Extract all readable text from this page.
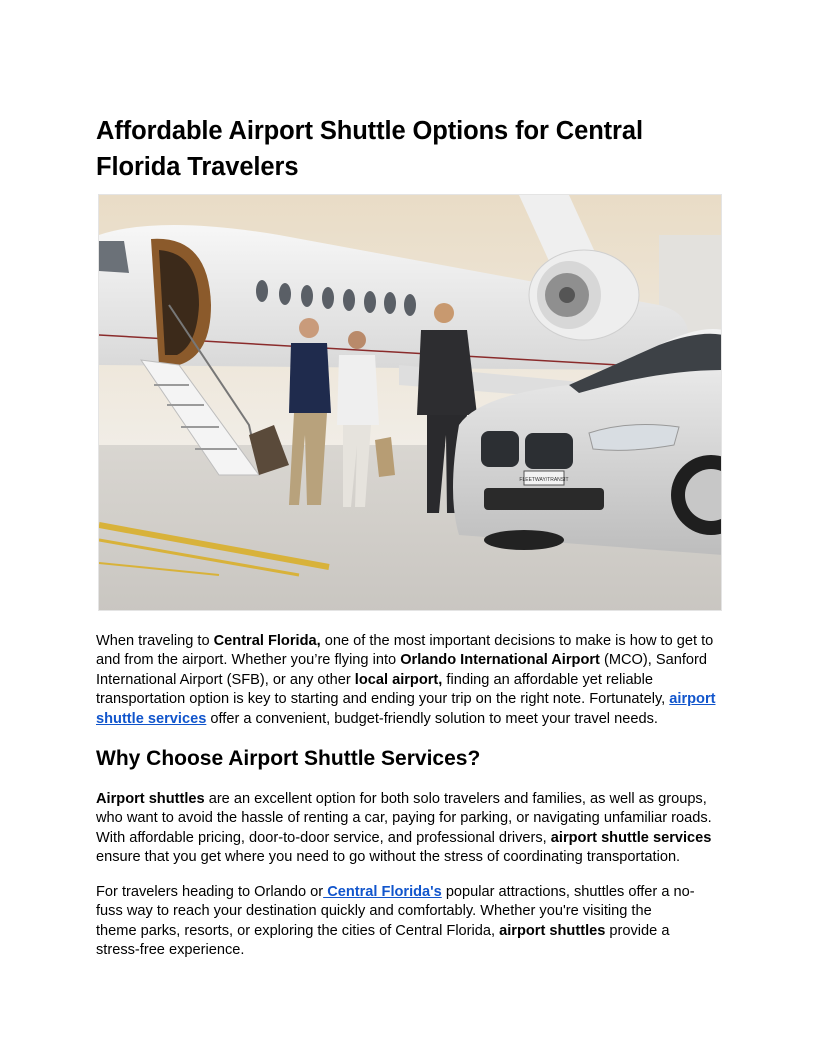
Affordable Airport Shuttle Options for Central Florida Travelers
FLEETWAY/TRANSIT

When traveling to Central Florida, one of the most important decisions to make is how to get to and from the airport. Whether you’re flying into Orlando International Airport (MCO), Sanford International Airport (SFB), or any other local airport, finding an affordable yet reliable transportation option is key to starting and ending your trip on the right note. Fortunately, airport shuttle services offer a convenient, budget-friendly solution to meet your travel needs.

Why Choose Airport Shuttle Services?

Airport shuttles are an excellent option for both solo travelers and families, as well as groups, who want to avoid the hassle of renting a car, paying for parking, or navigating unfamiliar roads. With affordable pricing, door-to-door service, and professional drivers, airport shuttle services ensure that you get where you need to go without the stress of coordinating transportation.

For travelers heading to Orlando or Central Florida's popular attractions, shuttles offer a no-fuss way to reach your destination quickly and comfortably. Whether you're visiting the theme parks, resorts, or exploring the cities of Central Florida, airport shuttles provide a stress-free experience.
